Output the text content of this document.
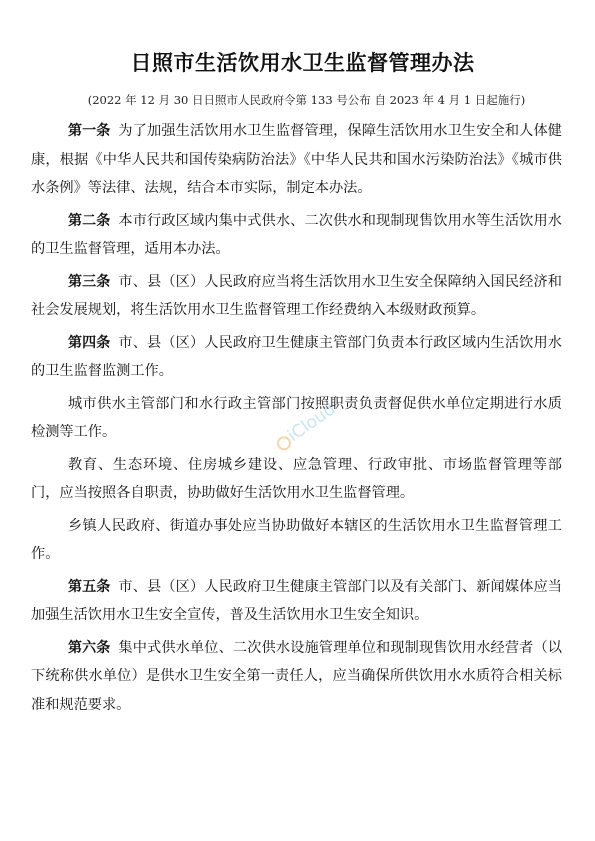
日照市生活饮用水卫生监督管理办法

(2022 年 12 月 30 日日照市人民政府令第 133 号公布 自 2023 年 4 月 1 日起施行)

第一条 为了加强生活饮用水卫生监督管理，保障生活饮用水卫生安全和人体健康，根据《中华人民共和国传染病防治法》《中华人民共和国水污染防治法》《城市供水条例》等法律、法规，结合本市实际，制定本办法。

第二条 本市行政区域内集中式供水、二次供水和现制现售饮用水等生活饮用水的卫生监督管理，适用本办法。

第三条 市、县（区）人民政府应当将生活饮用水卫生安全保障纳入国民经济和社会发展规划，将生活饮用水卫生监督管理工作经费纳入本级财政预算。

第四条 市、县（区）人民政府卫生健康主管部门负责本行政区域内生活饮用水的卫生监督监测工作。

城市供水主管部门和水行政主管部门按照职责负责督促供水单位定期进行水质检测等工作。

教育、生态环境、住房城乡建设、应急管理、行政审批、市场监督管理等部门，应当按照各自职责，协助做好生活饮用水卫生监督管理。

乡镇人民政府、街道办事处应当协助做好本辖区的生活饮用水卫生监督管理工作。

第五条 市、县（区）人民政府卫生健康主管部门以及有关部门、新闻媒体应当加强生活饮用水卫生安全宣传，普及生活饮用水卫生安全知识。

第六条 集中式供水单位、二次供水设施管理单位和现制现售饮用水经营者（以下统称供水单位）是供水卫生安全第一责任人，应当确保所供饮用水水质符合相关标准和规范要求。

iCloud
